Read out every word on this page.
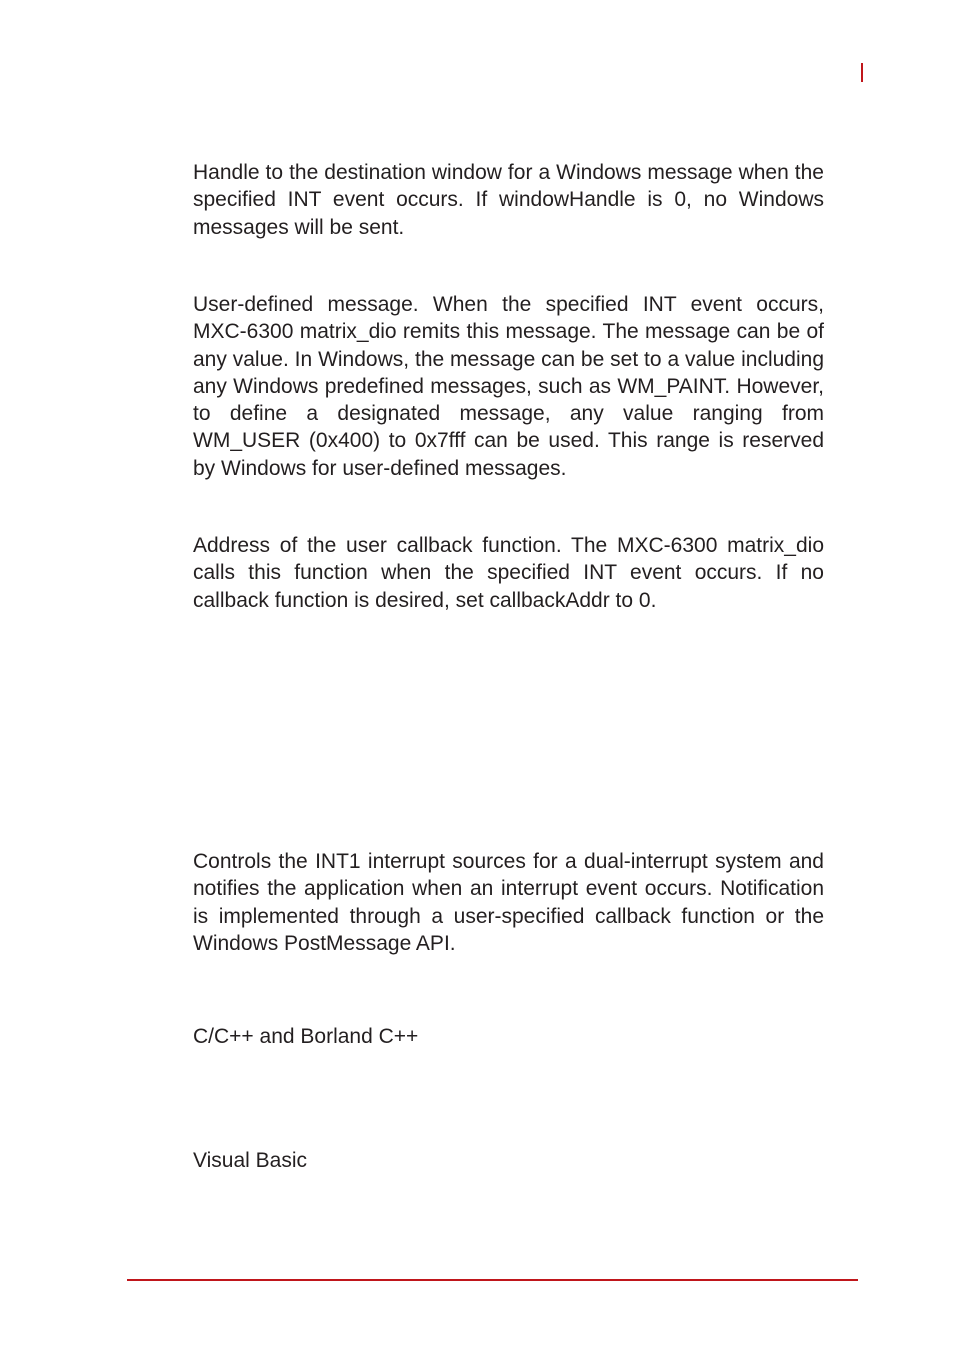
Handle to the destination window for a Windows message when the specified INT event occurs. If windowHandle is 0, no Windows messages will be sent.

User-defined message. When the specified INT event occurs, MXC-6300 matrix_dio remits this message. The message can be of any value. In Windows, the message can be set to a value including any Windows predefined messages, such as WM_PAINT. However, to define a designated message, any value ranging from WM_USER (0x400) to 0x7fff can be used. This range is reserved by Windows for user-defined messages.

Address of the user callback function. The MXC-6300 matrix_dio calls this function when the specified INT event occurs. If no callback function is desired, set callbackAddr to 0.

Controls the INT1 interrupt sources for a dual-interrupt system and notifies the application when an interrupt event occurs. Notification is implemented through a user-specified callback function or the Windows PostMessage API.

C/C++ and Borland C++

Visual Basic
